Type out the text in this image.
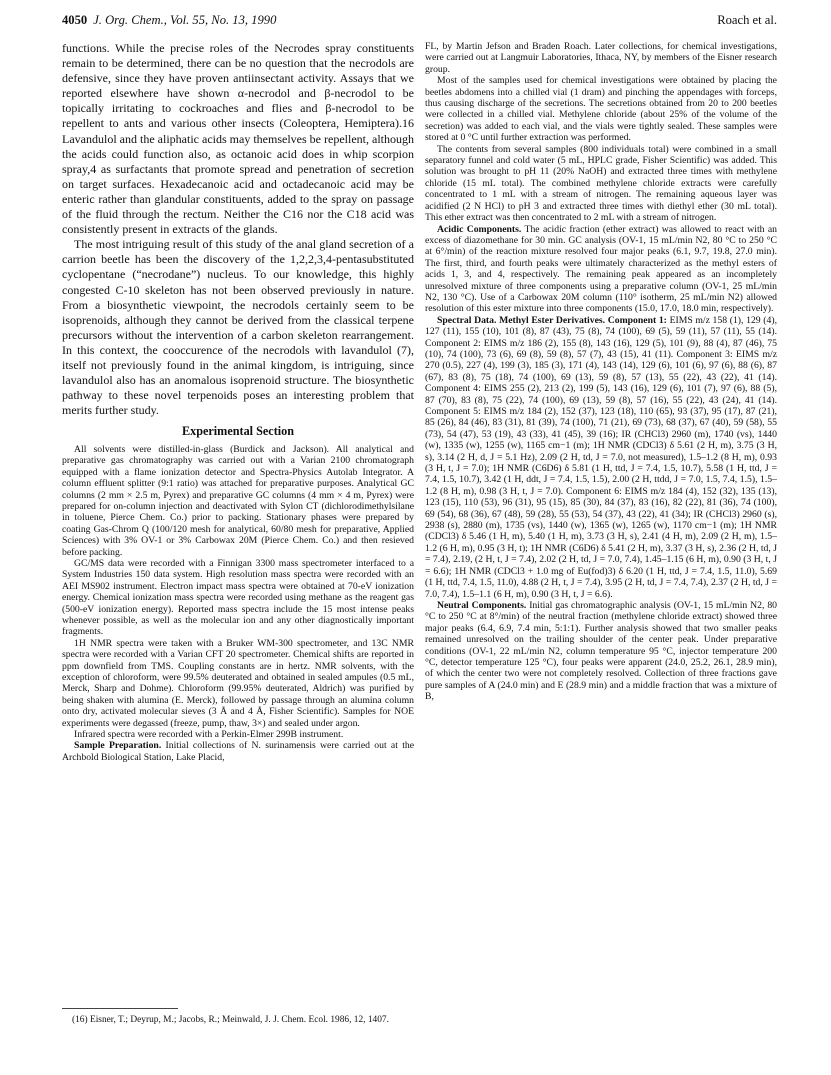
4050 J. Org. Chem., Vol. 55, No. 13, 1990	Roach et al.

functions. While the precise roles of the Necrodes spray constituents remain to be determined, there can be no question that the necrodols are defensive, since they have proven antiinsectant activity. Assays that we reported elsewhere have shown α-necrodol and β-necrodol to be topically irritating to cockroaches and flies and β-necrodol to be repellent to ants and various other insects (Coleoptera, Hemiptera).16 Lavandulol and the aliphatic acids may themselves be repellent, although the acids could function also, as octanoic acid does in whip scorpion spray,4 as surfactants that promote spread and penetration of secretion on target surfaces. Hexadecanoic acid and octadecanoic acid may be enteric rather than glandular constituents, added to the spray on passage of the fluid through the rectum. Neither the C16 nor the C18 acid was consistently present in extracts of the glands.

The most intriguing result of this study of the anal gland secretion of a carrion beetle has been the discovery of the 1,2,2,3,4-pentasubstituted cyclopentane (“necrodane”) nucleus. To our knowledge, this highly congested C-10 skeleton has not been observed previously in nature. From a biosynthetic viewpoint, the necrodols certainly seem to be isoprenoids, although they cannot be derived from the classical terpene precursors without the intervention of a carbon skeleton rearrangement. In this context, the cooccurence of the necrodols with lavandulol (7), itself not previously found in the animal kingdom, is intriguing, since lavandulol also has an anomalous isoprenoid structure. The biosynthetic pathway to these novel terpenoids poses an interesting problem that merits further study.

Experimental Section

All solvents were distilled-in-glass (Burdick and Jackson). All analytical and preparative gas chromatography was carried out with a Varian 2100 chromatograph equipped with a flame ionization detector and Spectra-Physics Autolab Integrator. A column effluent splitter (9:1 ratio) was attached for preparative purposes. Analytical GC columns (2 mm × 2.5 m, Pyrex) and preparative GC columns (4 mm × 4 m, Pyrex) were prepared for on-column injection and deactivated with Sylon CT (dichlorodimethylsilane in toluene, Pierce Chem. Co.) prior to packing. Stationary phases were prepared by coating Gas-Chrom Q (100/120 mesh for analytical, 60/80 mesh for preparative, Applied Sciences) with 3% OV-1 or 3% Carbowax 20M (Pierce Chem. Co.) and then resieved before packing.

GC/MS data were recorded with a Finnigan 3300 mass spectrometer interfaced to a System Industries 150 data system. High resolution mass spectra were recorded with an AEI MS902 instrument. Electron impact mass spectra were obtained at 70-eV ionization energy. Chemical ionization mass spectra were recorded using methane as the reagent gas (500-eV ionization energy). Reported mass spectra include the 15 most intense peaks whenever possible, as well as the molecular ion and any other diagnostically important fragments.

1H NMR spectra were taken with a Bruker WM-300 spectrometer, and 13C NMR spectra were recorded with a Varian CFT 20 spectrometer. Chemical shifts are reported in ppm downfield from TMS. Coupling constants are in hertz. NMR solvents, with the exception of chloroform, were 99.5% deuterated and obtained in sealed ampules (0.5 mL, Merck, Sharp and Dohme). Chloroform (99.95% deuterated, Aldrich) was purified by being shaken with alumina (E. Merck), followed by passage through an alumina column onto dry, activated molecular sieves (3 Å and 4 Å, Fisher Scientific). Samples for NOE experiments were degassed (freeze, pump, thaw, 3×) and sealed under argon.

Infrared spectra were recorded with a Perkin-Elmer 299B instrument.

Sample Preparation. Initial collections of N. surinamensis were carried out at the Archbold Biological Station, Lake Placid,

(16) Eisner, T.; Deyrup, M.; Jacobs, R.; Meinwald, J. J. Chem. Ecol. 1986, 12, 1407.

FL, by Martin Jefson and Braden Roach. Later collections, for chemical investigations, were carried out at Langmuir Laboratories, Ithaca, NY, by members of the Eisner research group.

Most of the samples used for chemical investigations were obtained by placing the beetles abdomens into a chilled vial (1 dram) and pinching the appendages with forceps, thus causing discharge of the secretions. The secretions obtained from 20 to 200 beetles were collected in a chilled vial. Methylene chloride (about 25% of the volume of the secretion) was added to each vial, and the vials were tightly sealed. These samples were stored at 0 °C until further extraction was performed.

The contents from several samples (800 individuals total) were combined in a small separatory funnel and cold water (5 mL, HPLC grade, Fisher Scientific) was added. This solution was brought to pH 11 (20% NaOH) and extracted three times with methylene chloride (15 mL total). The combined methylene chloride extracts were carefully concentrated to 1 mL with a stream of nitrogen. The remaining aqueous layer was acidified (2 N HCl) to pH 3 and extracted three times with diethyl ether (30 mL total). This ether extract was then concentrated to 2 mL with a stream of nitrogen.

Acidic Components. The acidic fraction (ether extract) was allowed to react with an excess of diazomethane for 30 min. GC analysis (OV-1, 15 mL/min N2, 80 °C to 250 °C at 6°/min) of the reaction mixture resolved four major peaks (6.1, 9.7, 19.8, 27.0 min). The first, third, and fourth peaks were ultimately characterized as the methyl esters of acids 1, 3, and 4, respectively. The remaining peak appeared as an incompletely unresolved mixture of three components using a preparative column (OV-1, 25 mL/min N2, 130 °C). Use of a Carbowax 20M column (110° isotherm, 25 mL/min N2) allowed resolution of this ester mixture into three components (15.0, 17.0, 18.0 min, respectively).

Spectral Data. Methyl Ester Derivatives. Component 1: EIMS m/z 158 (1), 129 (4), 127 (11), 155 (10), 101 (8), 87 (43), 75 (8), 74 (100), 69 (5), 59 (11), 57 (11), 55 (14). Component 2: EIMS m/z 186 (2), 155 (8), 143 (16), 129 (5), 101 (9), 88 (4), 87 (46), 75 (10), 74 (100), 73 (6), 69 (8), 59 (8), 57 (7), 43 (15), 41 (11). Component 3: EIMS m/z 270 (0.5), 227 (4), 199 (3), 185 (3), 171 (4), 143 (14), 129 (6), 101 (6), 97 (6), 88 (6), 87 (67), 83 (8), 75 (18), 74 (100), 69 (13), 59 (8), 57 (13), 55 (22), 43 (22), 41 (14). Component 4: EIMS 255 (2), 213 (2), 199 (5), 143 (16), 129 (6), 101 (7), 97 (6), 88 (5), 87 (70), 83 (8), 75 (22), 74 (100), 69 (13), 59 (8), 57 (16), 55 (22), 43 (24), 41 (14). Component 5: EIMS m/z 184 (2), 152 (37), 123 (18), 110 (65), 93 (37), 95 (17), 87 (21), 85 (26), 84 (46), 83 (31), 81 (39), 74 (100), 71 (21), 69 (73), 68 (37), 67 (40), 59 (58), 55 (73), 54 (47), 53 (19), 43 (33), 41 (45), 39 (16); IR (CHCl3) 2960 (m), 1740 (vs), 1440 (w), 1335 (w), 1255 (w), 1165 cm−1 (m); 1H NMR (CDCl3) δ 5.61 (2 H, m), 3.75 (3 H, s), 3.14 (2 H, d, J = 5.1 Hz), 2.09 (2 H, td, J = 7.0, not measured), 1.5–1.2 (8 H, m), 0.93 (3 H, t, J = 7.0); 1H NMR (C6D6) δ 5.81 (1 H, ttd, J = 7.4, 1.5, 10.7), 5.58 (1 H, ttd, J = 7.4, 1.5, 10.7), 3.42 (1 H, ddt, J = 7.4, 1.5, 1.5), 2.00 (2 H, ttdd, J = 7.0, 1.5, 7.4, 1.5), 1.5–1.2 (8 H, m), 0.98 (3 H, t, J = 7.0). Component 6: EIMS m/z 184 (4), 152 (32), 135 (13), 123 (15), 110 (53), 96 (31), 95 (15), 85 (30), 84 (37), 83 (16), 82 (22), 81 (36), 74 (100), 69 (54), 68 (36), 67 (48), 59 (28), 55 (53), 54 (37), 43 (22), 41 (34); IR (CHCl3) 2960 (s), 2938 (s), 2880 (m), 1735 (vs), 1440 (w), 1365 (w), 1265 (w), 1170 cm−1 (m); 1H NMR (CDCl3) δ 5.46 (1 H, m), 5.40 (1 H, m), 3.73 (3 H, s), 2.41 (4 H, m), 2.09 (2 H, m), 1.5–1.2 (6 H, m), 0.95 (3 H, t); 1H NMR (C6D6) δ 5.41 (2 H, m), 3.37 (3 H, s), 2.36 (2 H, td, J = 7.4), 2.19, (2 H, t, J = 7.4), 2.02 (2 H, td, J = 7.0, 7.4), 1.45–1.15 (6 H, m), 0.90 (3 H, t, J = 6.6); 1H NMR (CDCl3 + 1.0 mg of Eu(fod)3) δ 6.20 (1 H, ttd, J = 7.4, 1.5, 11.0), 5.69 (1 H, ttd, 7.4, 1.5, 11.0), 4.88 (2 H, t, J = 7.4), 3.95 (2 H, td, J = 7.4, 7.4), 2.37 (2 H, td, J = 7.0, 7.4), 1.5–1.1 (6 H, m), 0.90 (3 H, t, J = 6.6).

Neutral Components. Initial gas chromatographic analysis (OV-1, 15 mL/min N2, 80 °C to 250 °C at 8°/min) of the neutral fraction (methylene chloride extract) showed three major peaks (6.4, 6.9, 7.4 min, 5:1:1). Further analysis showed that two smaller peaks remained unresolved on the trailing shoulder of the center peak. Under preparative conditions (OV-1, 22 mL/min N2, column temperature 95 °C, injector temperature 200 °C, detector temperature 125 °C), four peaks were apparent (24.0, 25.2, 26.1, 28.9 min), of which the center two were not completely resolved. Collection of three fractions gave pure samples of A (24.0 min) and E (28.9 min) and a middle fraction that was a mixture of B,
